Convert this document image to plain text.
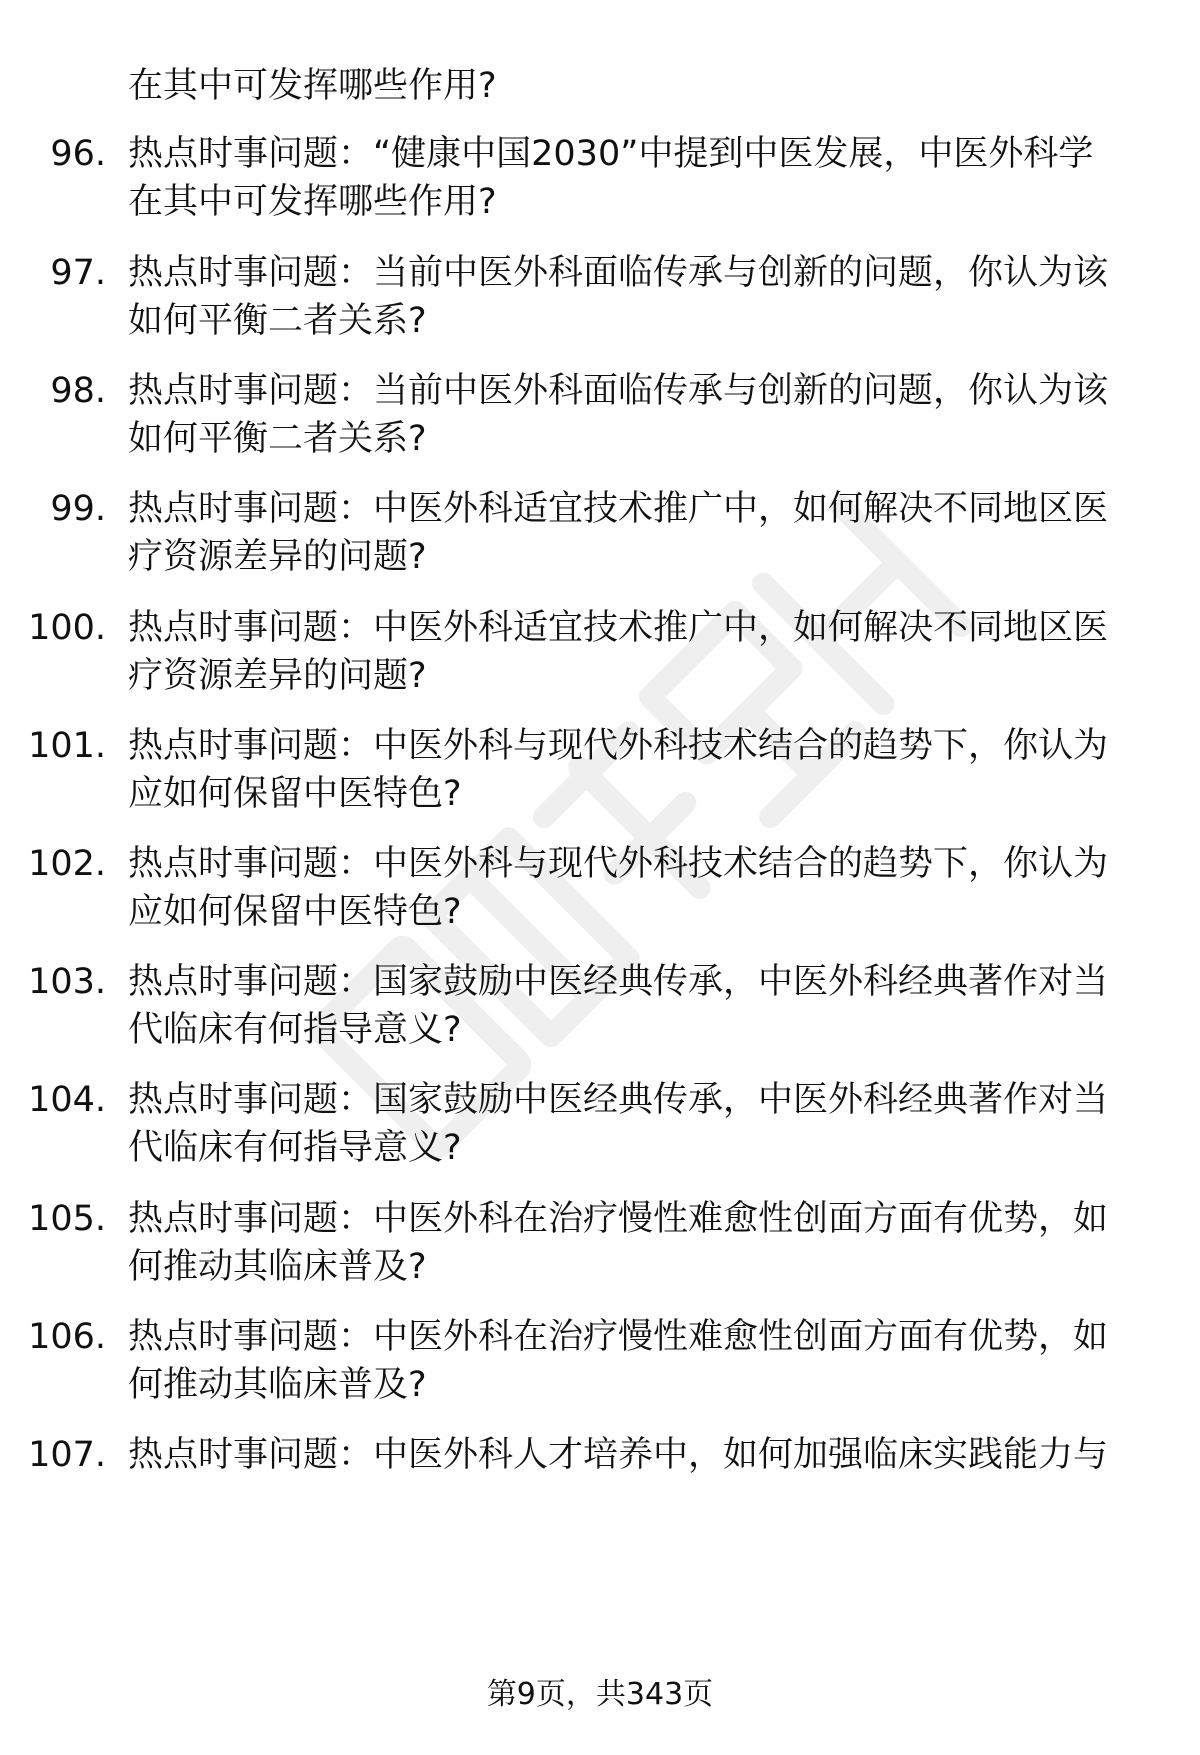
在其中可发挥哪些作用?
96. 热点时事问题：“健康中国2030”中提到中医发展，中医外科学
在其中可发挥哪些作用?
97. 热点时事问题：当前中医外科面临传承与创新的问题，你认为该
如何平衡二者关系?
98. 热点时事问题：当前中医外科面临传承与创新的问题，你认为该
如何平衡二者关系?
99. 热点时事问题：中医外科适宜技术推广中，如何解决不同地区医
疗资源差异的问题?
100. 热点时事问题：中医外科适宜技术推广中，如何解决不同地区医
疗资源差异的问题?
101. 热点时事问题：中医外科与现代外科技术结合的趋势下，你认为
应如何保留中医特色?
102. 热点时事问题：中医外科与现代外科技术结合的趋势下，你认为
应如何保留中医特色?
103. 热点时事问题：国家鼓励中医经典传承，中医外科经典著作对当
代临床有何指导意义?
104. 热点时事问题：国家鼓励中医经典传承，中医外科经典著作对当
代临床有何指导意义?
105. 热点时事问题：中医外科在治疗慢性难愈性创面方面有优势，如
何推动其临床普及?
106. 热点时事问题：中医外科在治疗慢性难愈性创面方面有优势，如
何推动其临床普及?
107. 热点时事问题：中医外科人才培养中，如何加强临床实践能力与
第9页，共343页
